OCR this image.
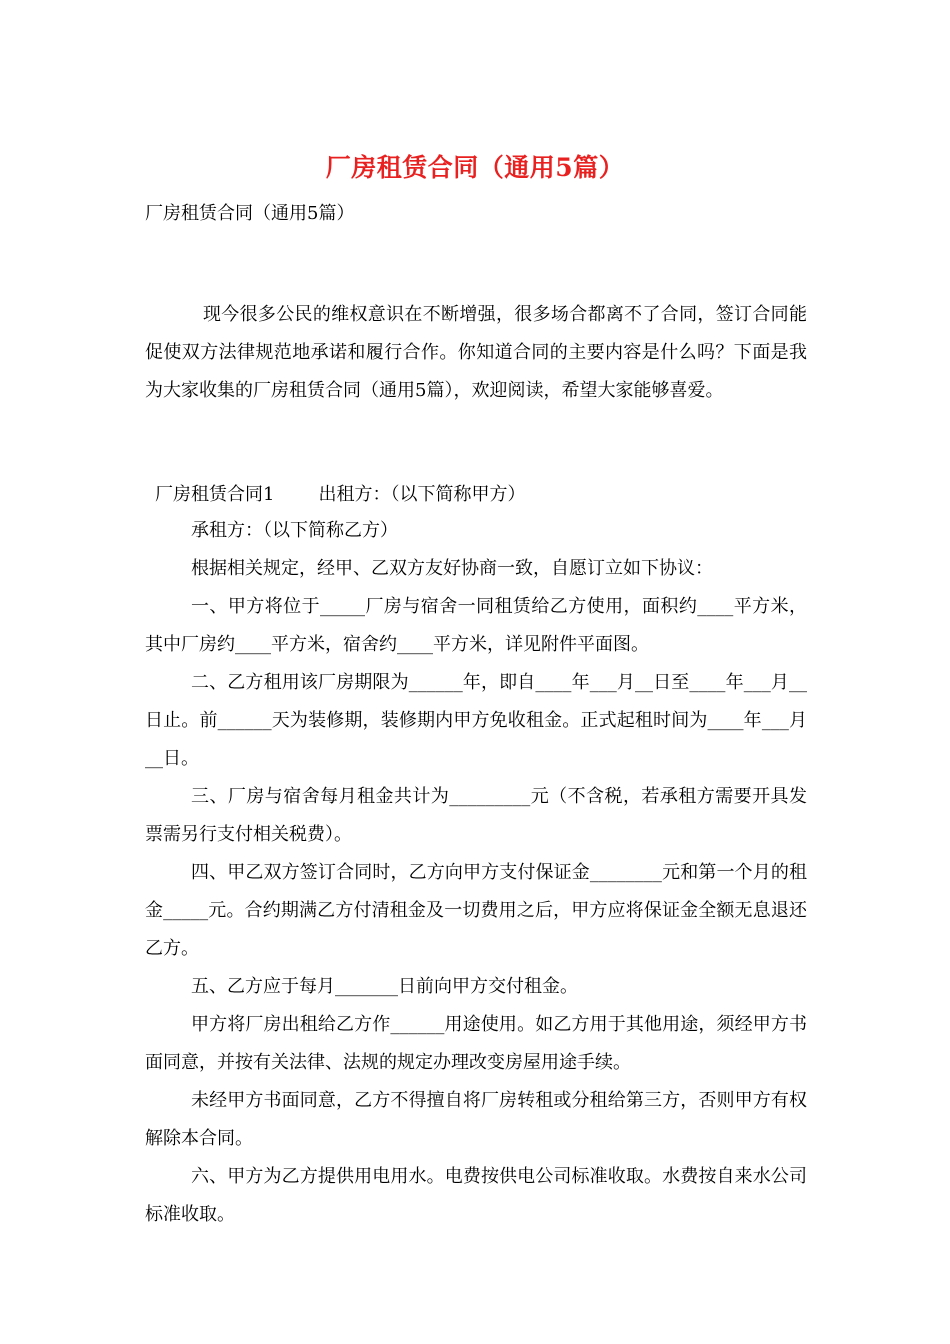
厂房租赁合同（通用5篇）

厂房租赁合同（通用5篇）

现今很多公民的维权意识在不断增强，很多场合都离不了合同，签订合同能促使双方法律规范地承诺和履行合作。你知道合同的主要内容是什么吗？下面是我为大家收集的厂房租赁合同（通用5篇），欢迎阅读，希望大家能够喜爱。

厂房租赁合同1 出租方：（以下简称甲方）

承租方：（以下简称乙方）

根据相关规定，经甲、乙双方友好协商一致，自愿订立如下协议：

一、甲方将位于_____厂房与宿舍一同租赁给乙方使用，面积约____平方米，其中厂房约____平方米，宿舍约____平方米，详见附件平面图。

二、乙方租用该厂房期限为______年，即自____年___月__日至____年___月__日止。前______天为装修期，装修期内甲方免收租金。正式起租时间为____年___月__日。

三、厂房与宿舍每月租金共计为_________元（不含税，若承租方需要开具发票需另行支付相关税费）。

四、甲乙双方签订合同时，乙方向甲方支付保证金________元和第一个月的租金_____元。合约期满乙方付清租金及一切费用之后，甲方应将保证金全额无息退还乙方。

五、乙方应于每月_______日前向甲方交付租金。

甲方将厂房出租给乙方作______用途使用。如乙方用于其他用途，须经甲方书面同意，并按有关法律、法规的规定办理改变房屋用途手续。

未经甲方书面同意，乙方不得擅自将厂房转租或分租给第三方，否则甲方有权解除本合同。

六、甲方为乙方提供用电用水。电费按供电公司标准收取。水费按自来水公司标准收取。
